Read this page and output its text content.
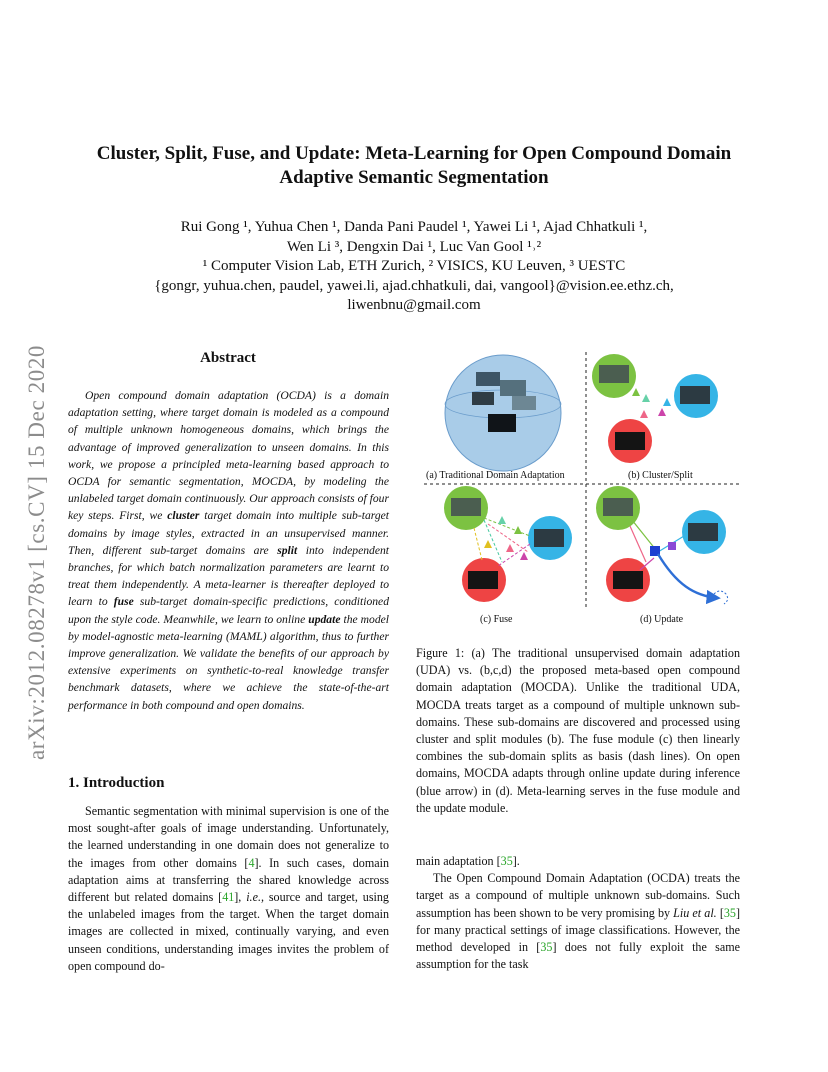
arXiv:2012.08278v1 [cs.CV] 15 Dec 2020
Cluster, Split, Fuse, and Update: Meta-Learning for Open Compound Domain Adaptive Semantic Segmentation
Rui Gong ¹, Yuhua Chen ¹, Danda Pani Paudel ¹, Yawei Li ¹, Ajad Chhatkuli ¹,
Wen Li ³, Dengxin Dai ¹, Luc Van Gool ¹˒²
¹ Computer Vision Lab, ETH Zurich, ² VISICS, KU Leuven, ³ UESTC
{gongr, yuhua.chen, paudel, yawei.li, ajad.chhatkuli, dai, vangool}@vision.ee.ethz.ch,
liwenbnu@gmail.com
Abstract

Open compound domain adaptation (OCDA) is a domain adaptation setting, where target domain is modeled as a compound of multiple unknown homogeneous domains, which brings the advantage of improved generalization to unseen domains. In this work, we propose a principled meta-learning based approach to OCDA for semantic segmentation, MOCDA, by modeling the unlabeled target domain continuously. Our approach consists of four key steps. First, we cluster target domain into multiple sub-target domains by image styles, extracted in an unsupervised manner. Then, different sub-target domains are split into independent branches, for which batch normalization parameters are learnt to treat them independently. A meta-learner is thereafter deployed to learn to fuse sub-target domain-specific predictions, conditioned upon the style code. Meanwhile, we learn to online update the model by model-agnostic meta-learning (MAML) algorithm, thus to further improve generalization. We validate the benefits of our approach by extensive experiments on synthetic-to-real knowledge transfer benchmark datasets, where we achieve the state-of-the-art performance in both compound and open domains.

1. Introduction

Semantic segmentation with minimal supervision is one of the most sought-after goals of image understanding. Unfortunately, the learned understanding in one domain does not generalize to the images from other domains [4]. In such cases, domain adaptation aims at transferring the shared knowledge across different but related domains [41], i.e., source and target, using the unlabeled images from the target. When the target domain images are collected in mixed, continually varying, and even unseen conditions, understanding images invites the problem of open compound do-

(a) Traditional Domain Adaptation	(b) Cluster/Split
(c) Fuse	(d) Update

Figure 1: (a) The traditional unsupervised domain adaptation (UDA) vs. (b,c,d) the proposed meta-based open compound domain adaptation (MOCDA). Unlike the traditional UDA, MOCDA treats target as a compound of multiple unknown sub-domains. These sub-domains are discovered and processed using cluster and split modules (b). The fuse module (c) then linearly combines the sub-domain splits as basis (dash lines). On open domains, MOCDA adapts through online update during inference (blue arrow) in (d). Meta-learning serves in the fuse module and the update module.

main adaptation [35].

The Open Compound Domain Adaptation (OCDA) treats the target as a compound of multiple unknown sub-domains. Such assumption has been shown to be very promising by Liu et al. [35] for many practical settings of image classifications. However, the method developed in [35] does not fully exploit the same assumption for the task
